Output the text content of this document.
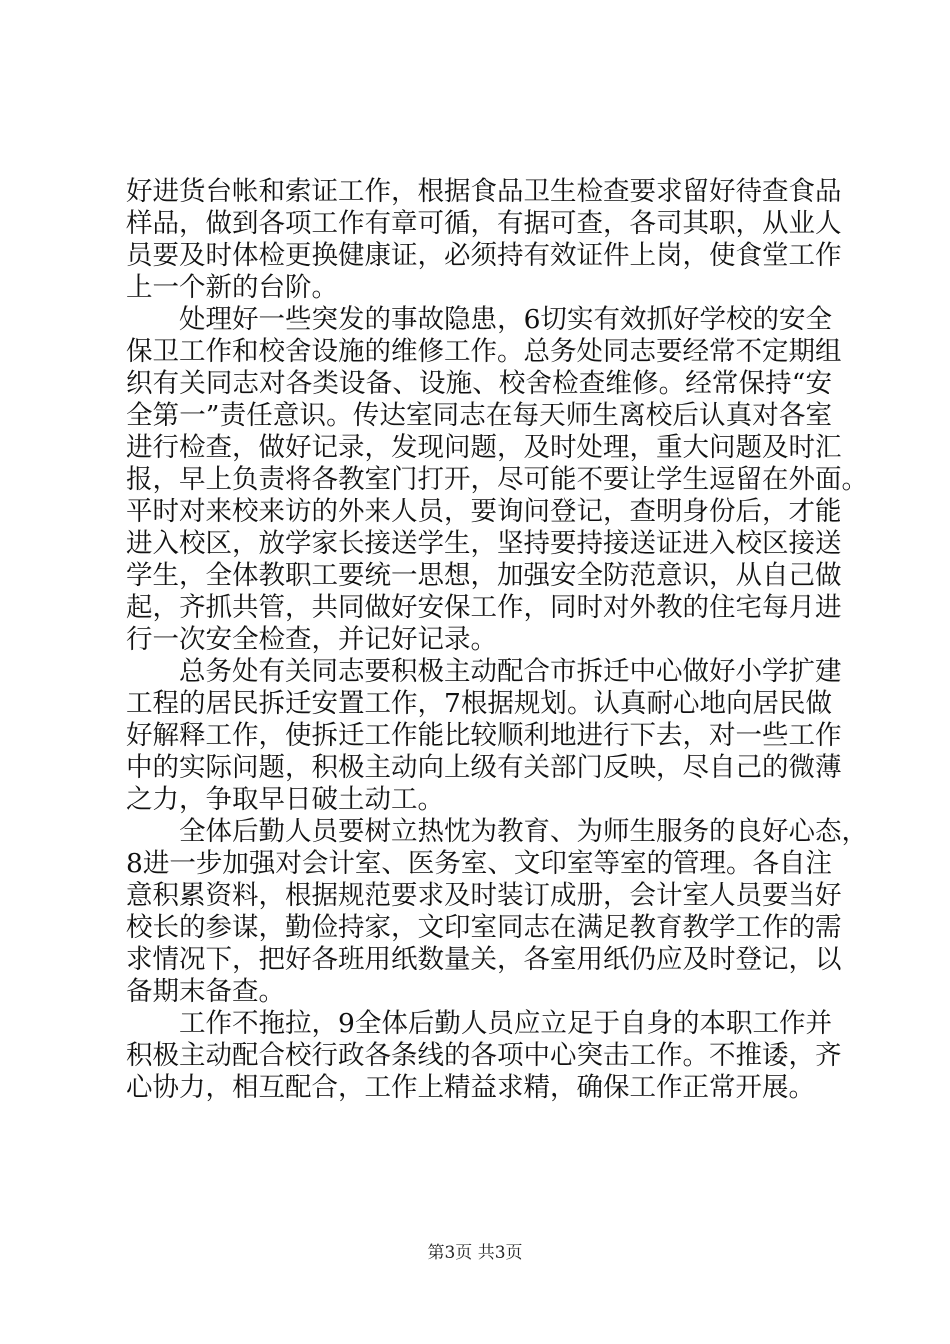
好进货台帐和索证工作，根据食品卫生检查要求留好待查食品
样品，做到各项工作有章可循，有据可查，各司其职，从业人
员要及时体检更换健康证，必须持有效证件上岗，使食堂工作
上一个新的台阶。
　　处理好一些突发的事故隐患，6切实有效抓好学校的安全
保卫工作和校舍设施的维修工作。总务处同志要经常不定期组
织有关同志对各类设备、设施、校舍检查维修。经常保持“安
全第一”责任意识。传达室同志在每天师生离校后认真对各室
进行检查，做好记录，发现问题，及时处理，重大问题及时汇
报，早上负责将各教室门打开，尽可能不要让学生逗留在外面。
平时对来校来访的外来人员，要询问登记，查明身份后，才能
进入校区，放学家长接送学生，坚持要持接送证进入校区接送
学生，全体教职工要统一思想，加强安全防范意识，从自己做
起，齐抓共管，共同做好安保工作，同时对外教的住宅每月进
行一次安全检查，并记好记录。
　　总务处有关同志要积极主动配合市拆迁中心做好小学扩建
工程的居民拆迁安置工作，7根据规划。认真耐心地向居民做
好解释工作，使拆迁工作能比较顺利地进行下去，对一些工作
中的实际问题，积极主动向上级有关部门反映，尽自己的微薄
之力，争取早日破土动工。
　　全体后勤人员要树立热忱为教育、为师生服务的良好心态，
8进一步加强对会计室、医务室、文印室等室的管理。各自注
意积累资料，根据规范要求及时装订成册，会计室人员要当好
校长的参谋，勤俭持家，文印室同志在满足教育教学工作的需
求情况下，把好各班用纸数量关，各室用纸仍应及时登记，以
备期末备查。
　　工作不拖拉，9全体后勤人员应立足于自身的本职工作并
积极主动配合校行政各条线的各项中心突击工作。不推诿，齐
心协力，相互配合，工作上精益求精，确保工作正常开展。
第3页 共3页
